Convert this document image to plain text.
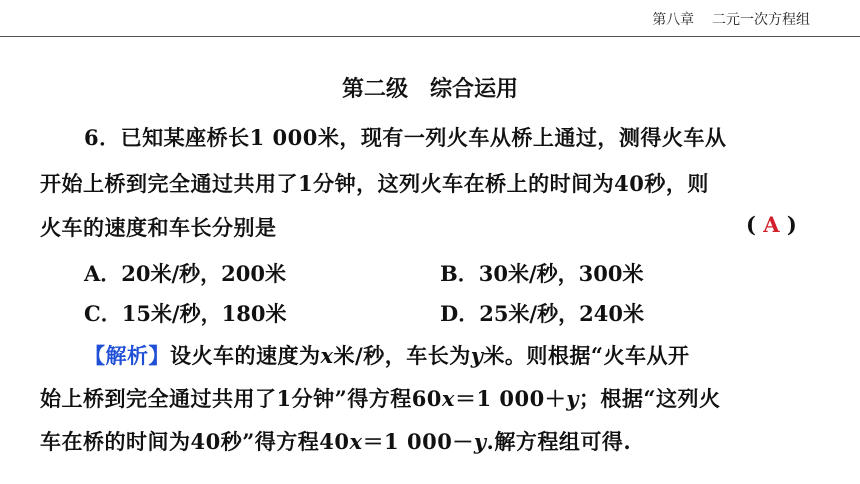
第八章 二元一次方程组
第二级　综合运用
6．已知某座桥长1 000米，现有一列火车从桥上通过，测得火车从
开始上桥到完全通过共用了1分钟，这列火车在桥上的时间为40秒，则
火车的速度和车长分别是	( A )
A．20米/秒，200米	B．30米/秒，300米
C．15米/秒，180米	D．25米/秒，240米
【解析】设火车的速度为x米/秒，车长为y米。则根据“火车从开
始上桥到完全通过共用了1分钟”得方程60x＝1 000＋y；根据“这列火
车在桥的时间为40秒”得方程40x＝1 000－y.解方程组可得.
